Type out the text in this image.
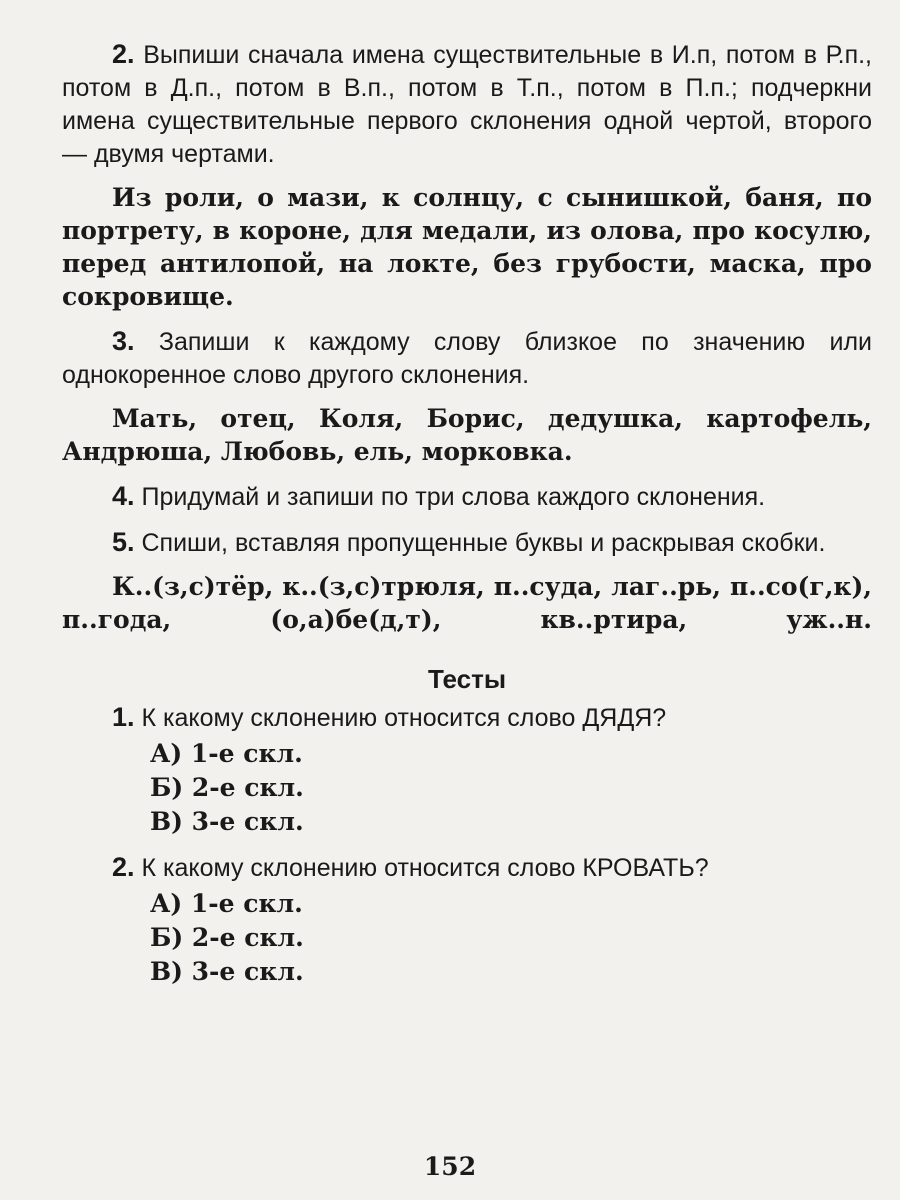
2. Выпиши сначала имена существительные в И.п, потом в Р.п., потом в Д.п., потом в В.п., потом в Т.п., потом в П.п.; подчеркни имена существительные первого склонения одной чертой, второго — двумя чертами.

Из роли, о мази, к солнцу, с сынишкой, баня, по портрету, в короне, для медали, из олова, про косулю, перед антилопой, на локте, без грубости, маска, про сокровище.

3. Запиши к каждому слову близкое по значению или однокоренное слово другого склонения.

Мать, отец, Коля, Борис, дедушка, картофель, Андрюша, Любовь, ель, морковка.

4. Придумай и запиши по три слова каждого склонения.

5. Спиши, вставляя пропущенные буквы и раскрывая скобки.

К..(з,с)тёр, к..(з,с)трюля, п..суда, лаг..рь, п..со(г,к), п..года, (о,а)бе(д,т), кв..ртира, уж..н.

Тесты

1. К какому склонению относится слово ДЯДЯ?

А) 1-е скл.
Б) 2-е скл.
В) 3-е скл.

2. К какому склонению относится слово КРОВАТЬ?

А) 1-е скл.
Б) 2-е скл.
В) 3-е скл.
152
